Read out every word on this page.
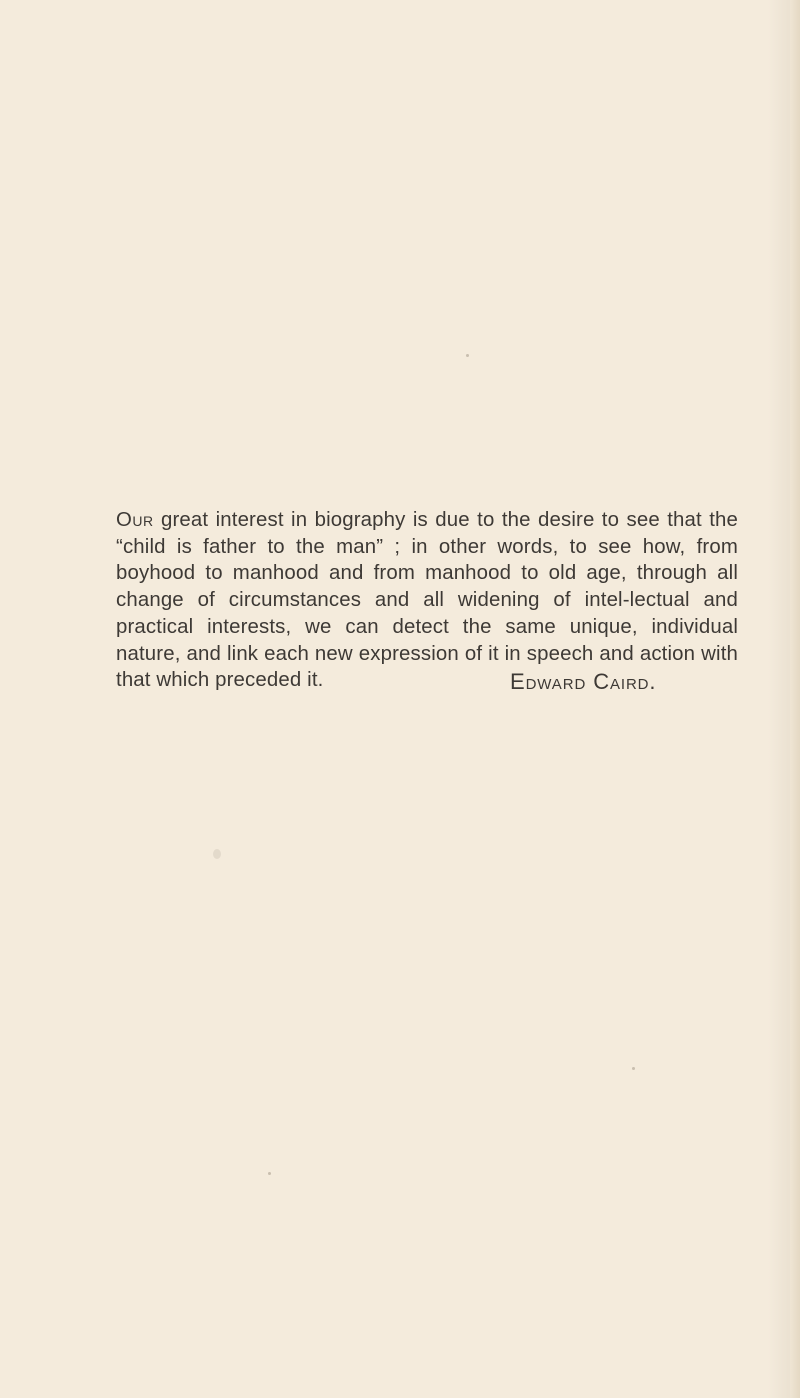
Our great interest in biography is due to the desire to see that the “child is father to the man” ; in other words, to see how, from boyhood to manhood and from manhood to old age, through all change of circumstances and all widening of intel-lectual and practical interests, we can detect the same unique, individual nature, and link each new expression of it in speech and action with that which preceded it.	Edward Caird.
